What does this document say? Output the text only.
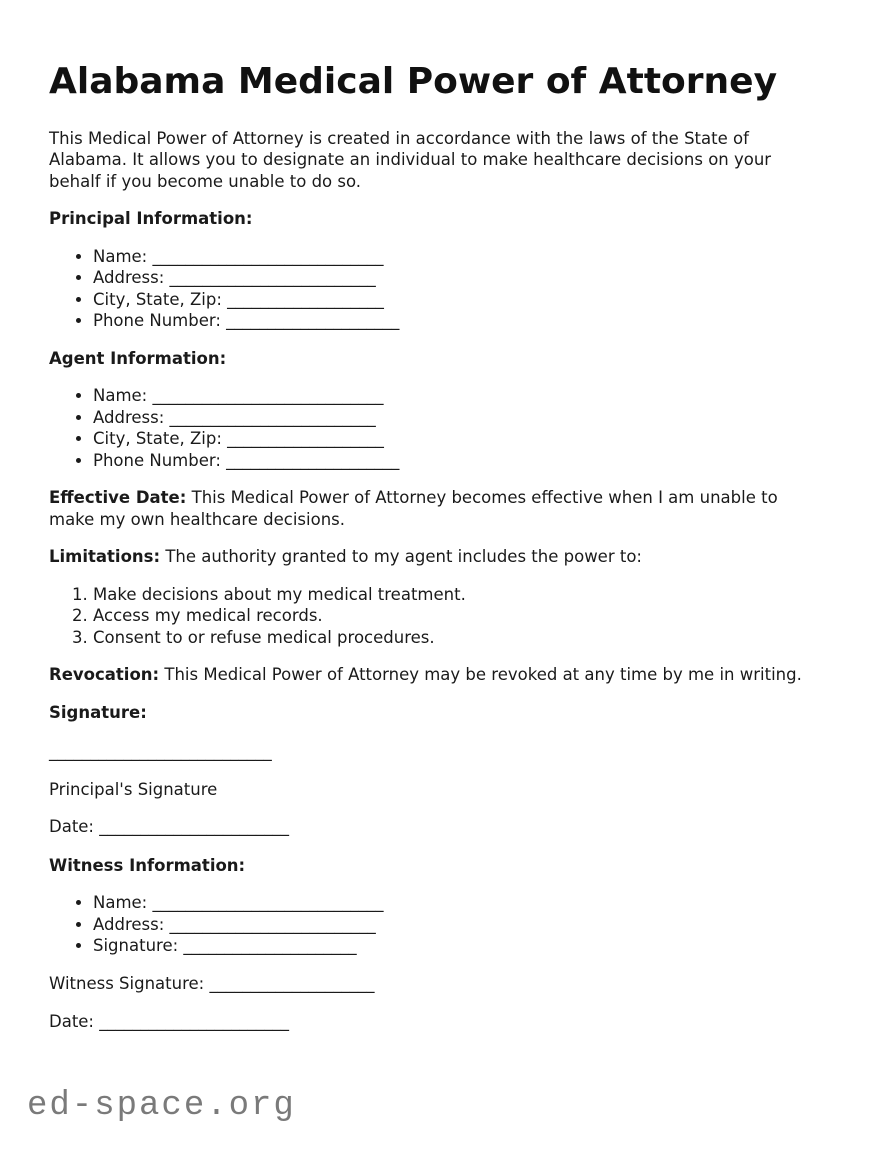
Alabama Medical Power of Attorney

This Medical Power of Attorney is created in accordance with the laws of the State of
Alabama. It allows you to designate an individual to make healthcare decisions on your
behalf if you become unable to do so.

Principal Information:

• Name: ____________________________
• Address: _________________________
• City, State, Zip: ___________________
• Phone Number: _____________________

Agent Information:

• Name: ____________________________
• Address: _________________________
• City, State, Zip: ___________________
• Phone Number: _____________________

Effective Date: This Medical Power of Attorney becomes effective when I am unable to
make my own healthcare decisions.

Limitations: The authority granted to my agent includes the power to:

1. Make decisions about my medical treatment.
2. Access my medical records.
3. Consent to or refuse medical procedures.

Revocation: This Medical Power of Attorney may be revoked at any time by me in writing.

Signature:

___________________________

Principal's Signature

Date: _______________________

Witness Information:

• Name: ____________________________
• Address: _________________________
• Signature: _____________________

Witness Signature: ____________________

Date: _______________________

ed-space.org
